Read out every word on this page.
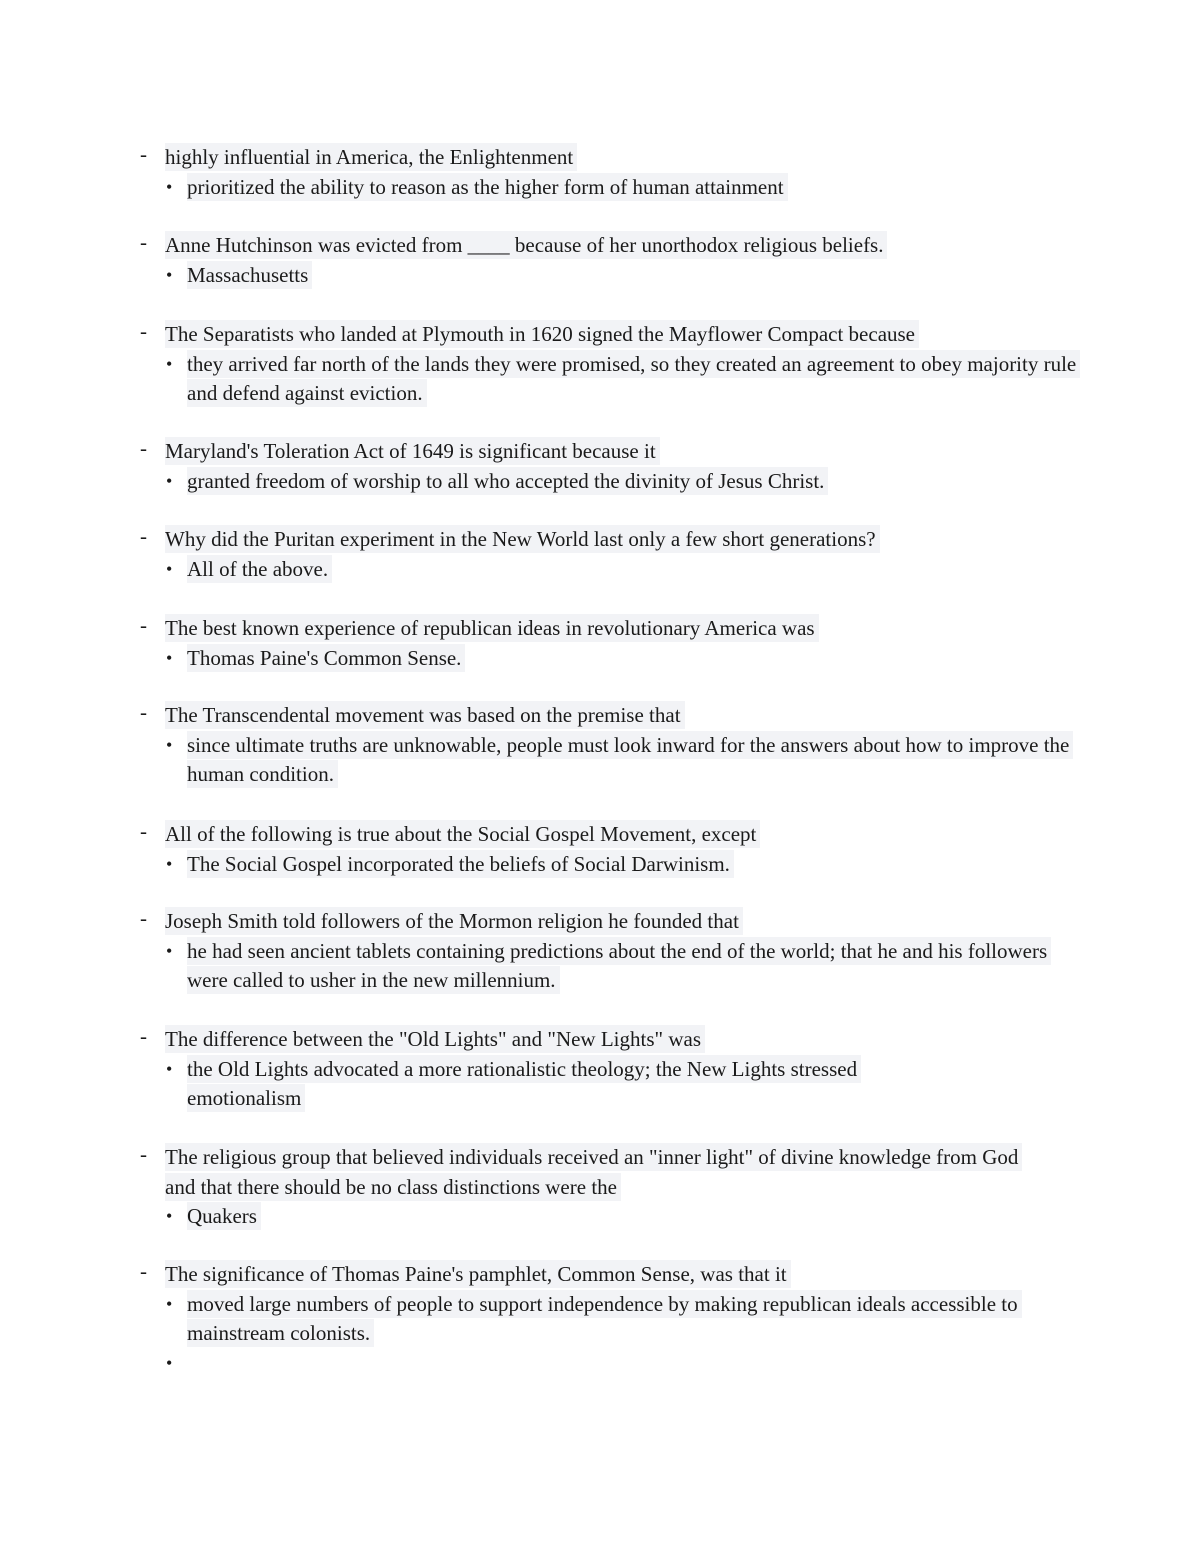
- highly influential in America, the Enlightenment
• prioritized the ability to reason as the higher form of human attainment
- Anne Hutchinson was evicted from ____ because of her unorthodox religious beliefs.
• Massachusetts
- The Separatists who landed at Plymouth in 1620 signed the Mayflower Compact because
• they arrived far north of the lands they were promised, so they created an agreement to obey majority rule and defend against eviction.
- Maryland's Toleration Act of 1649 is significant because it
• granted freedom of worship to all who accepted the divinity of Jesus Christ.
- Why did the Puritan experiment in the New World last only a few short generations?
• All of the above.
- The best known experience of republican ideas in revolutionary America was
• Thomas Paine's Common Sense.
- The Transcendental movement was based on the premise that
• since ultimate truths are unknowable, people must look inward for the answers about how to improve the human condition.
- All of the following is true about the Social Gospel Movement, except
• The Social Gospel incorporated the beliefs of Social Darwinism.
- Joseph Smith told followers of the Mormon religion he founded that
• he had seen ancient tablets containing predictions about the end of the world; that he and his followers were called to usher in the new millennium.
- The difference between the "Old Lights" and "New Lights" was
• the Old Lights advocated a more rationalistic theology; the New Lights stressed emotionalism
- The religious group that believed individuals received an "inner light" of divine knowledge from God and that there should be no class distinctions were the
• Quakers
- The significance of Thomas Paine's pamphlet, Common Sense, was that it
• moved large numbers of people to support independence by making republican ideals accessible to mainstream colonists.
•
